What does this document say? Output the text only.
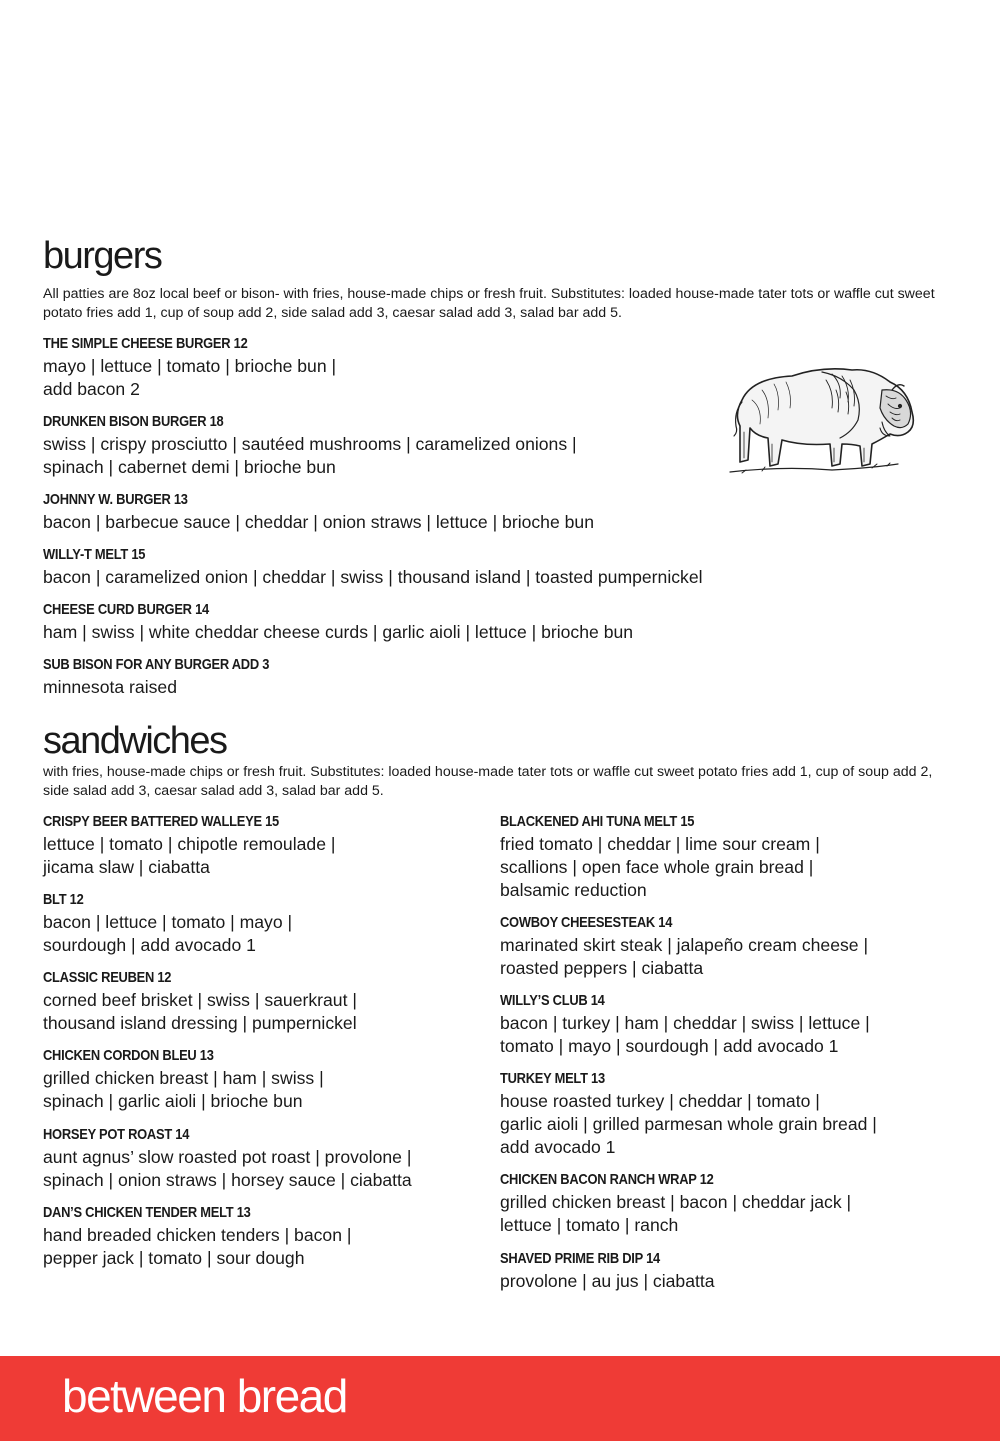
burgers

All patties are 8oz local beef or bison- with fries, house-made chips or fresh fruit. Substitutes: loaded house-made tater tots or waffle cut sweet potato fries add 1, cup of soup add 2, side salad add 3, caesar salad add 3, salad bar add 5.

THE SIMPLE CHEESE BURGER 12
mayo | lettuce | tomato | brioche bun |
add bacon 2
DRUNKEN BISON BURGER 18
swiss | crispy prosciutto | sautéed mushrooms | caramelized onions |
spinach | cabernet demi | brioche bun
JOHNNY W. BURGER 13
bacon | barbecue sauce | cheddar | onion straws | lettuce | brioche bun
WILLY-T MELT 15
bacon | caramelized onion | cheddar | swiss | thousand island | toasted pumpernickel
CHEESE CURD BURGER 14
ham | swiss | white cheddar cheese curds | garlic aioli | lettuce | brioche bun
SUB BISON FOR ANY BURGER ADD 3
minnesota raised
sandwiches

with fries, house-made chips or fresh fruit. Substitutes: loaded house-made tater tots or waffle cut sweet potato fries add 1, cup of soup add 2, side salad add 3, caesar salad add 3, salad bar add 5.

CRISPY BEER BATTERED WALLEYE 15
lettuce | tomato | chipotle remoulade |
jicama slaw | ciabatta
BLT 12
bacon | lettuce | tomato | mayo |
sourdough | add avocado 1
CLASSIC REUBEN 12
corned beef brisket | swiss | sauerkraut |
thousand island dressing | pumpernickel
CHICKEN CORDON BLEU 13
grilled chicken breast | ham | swiss |
spinach | garlic aioli | brioche bun
HORSEY POT ROAST 14
aunt agnus’ slow roasted pot roast | provolone |
spinach | onion straws | horsey sauce | ciabatta
DAN’S CHICKEN TENDER MELT 13
hand breaded chicken tenders | bacon |
pepper jack | tomato | sour dough
BLACKENED AHI TUNA MELT 15
fried tomato | cheddar | lime sour cream |
scallions | open face whole grain bread |
balsamic reduction
COWBOY CHEESESTEAK 14
marinated skirt steak | jalapeño cream cheese |
roasted peppers | ciabatta
WILLY’S CLUB 14
bacon | turkey | ham | cheddar | swiss | lettuce |
tomato | mayo | sourdough | add avocado 1
TURKEY MELT 13
house roasted turkey | cheddar | tomato |
garlic aioli | grilled parmesan whole grain bread |
add avocado 1
CHICKEN BACON RANCH WRAP 12
grilled chicken breast | bacon | cheddar jack |
lettuce | tomato | ranch
SHAVED PRIME RIB DIP 14
provolone | au jus | ciabatta
between bread
